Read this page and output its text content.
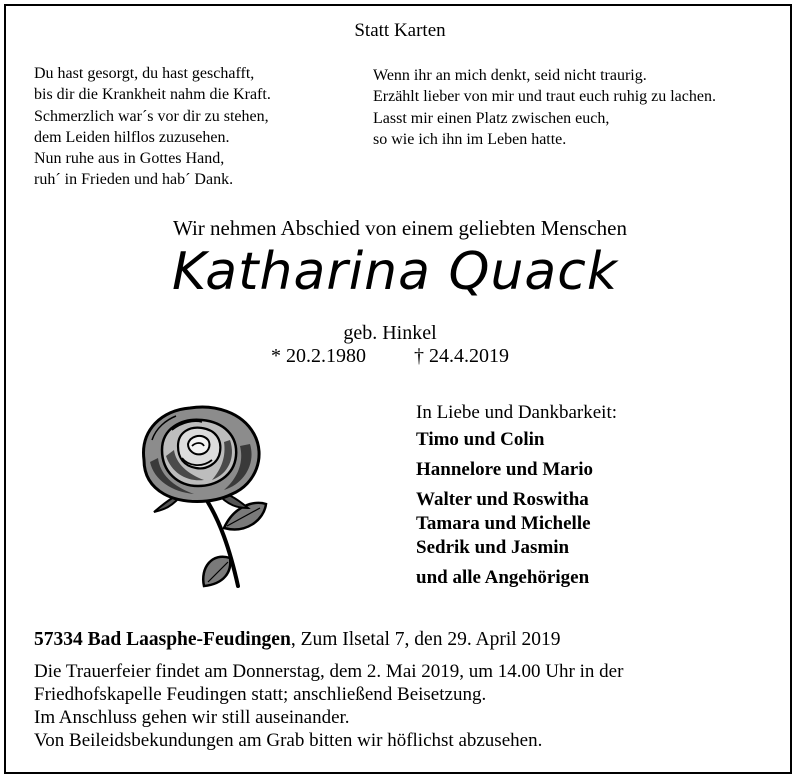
Statt Karten
Du hast gesorgt, du hast geschafft,
bis dir die Krankheit nahm die Kraft.
Schmerzlich war´s vor dir zu stehen,
dem Leiden hilflos zuzusehen.
Nun ruhe aus in Gottes Hand,
ruh´ in Frieden und hab´ Dank.
Wenn ihr an mich denkt, seid nicht traurig.
Erzählt lieber von mir und traut euch ruhig zu lachen.
Lasst mir einen Platz zwischen euch,
so wie ich ihn im Leben hatte.
Wir nehmen Abschied von einem geliebten Menschen
Katharina Quack
geb. Hinkel
* 20.2.1980 † 24.4.2019
In Liebe und Dankbarkeit:
Timo und Colin
Hannelore und Mario
Walter und Roswitha
Tamara und Michelle
Sedrik und Jasmin
und alle Angehörigen
57334 Bad Laasphe-Feudingen, Zum Ilsetal 7, den 29. April 2019
Die Trauerfeier findet am Donnerstag, dem 2. Mai 2019, um 14.00 Uhr in der
Friedhofskapelle Feudingen statt; anschließend Beisetzung.
Im Anschluss gehen wir still auseinander.
Von Beileidsbekundungen am Grab bitten wir höflichst abzusehen.
